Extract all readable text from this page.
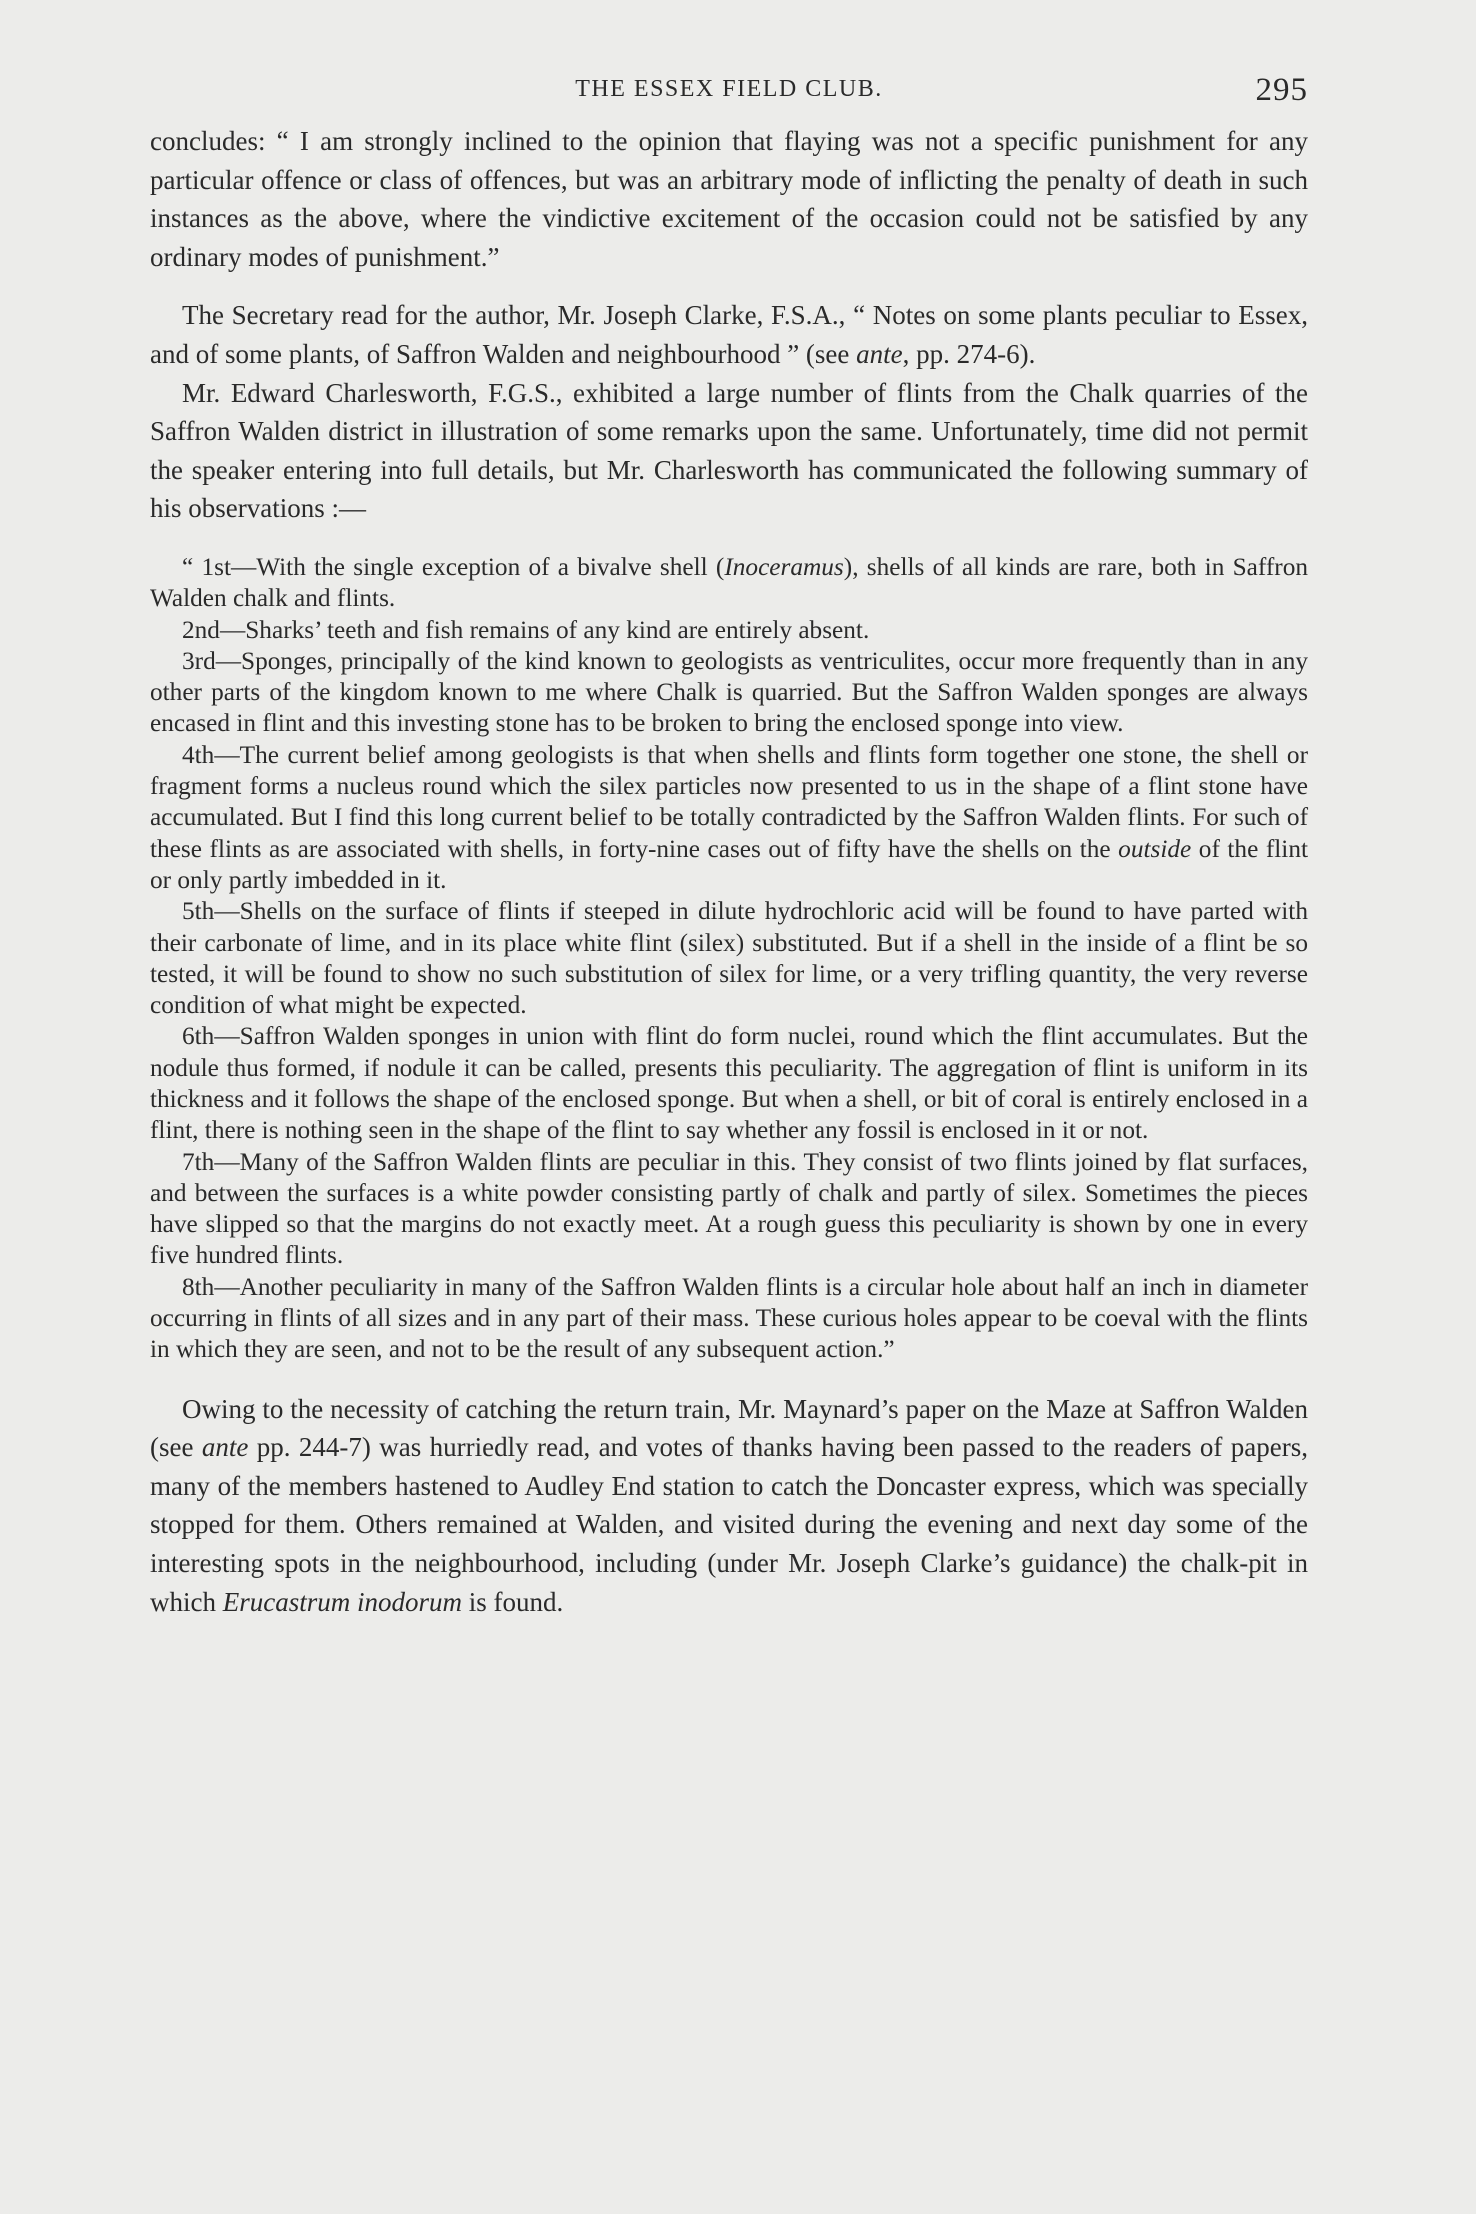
THE ESSEX FIELD CLUB.	295

concludes: “ I am strongly inclined to the opinion that flaying was not a specific punishment for any particular offence or class of offences, but was an arbitrary mode of inflicting the penalty of death in such instances as the above, where the vindictive excitement of the occasion could not be satisfied by any ordinary modes of punishment.”

The Secretary read for the author, Mr. Joseph Clarke, F.S.A., “ Notes on some plants peculiar to Essex, and of some plants, of Saffron Walden and neighbourhood ” (see ante, pp. 274-6).

Mr. Edward Charlesworth, F.G.S., exhibited a large number of flints from the Chalk quarries of the Saffron Walden district in illustration of some remarks upon the same. Unfortunately, time did not permit the speaker entering into full details, but Mr. Charlesworth has communicated the following summary of his observations :—

“ 1st—With the single exception of a bivalve shell (Inoceramus), shells of all kinds are rare, both in Saffron Walden chalk and flints.

2nd—Sharks’ teeth and fish remains of any kind are entirely absent.

3rd—Sponges, principally of the kind known to geologists as ventriculites, occur more frequently than in any other parts of the kingdom known to me where Chalk is quarried. But the Saffron Walden sponges are always encased in flint and this investing stone has to be broken to bring the enclosed sponge into view.

4th—The current belief among geologists is that when shells and flints form together one stone, the shell or fragment forms a nucleus round which the silex particles now presented to us in the shape of a flint stone have accumulated. But I find this long current belief to be totally contradicted by the Saffron Walden flints. For such of these flints as are associated with shells, in forty-nine cases out of fifty have the shells on the outside of the flint or only partly imbedded in it.

5th—Shells on the surface of flints if steeped in dilute hydrochloric acid will be found to have parted with their carbonate of lime, and in its place white flint (silex) substituted. But if a shell in the inside of a flint be so tested, it will be found to show no such substitution of silex for lime, or a very trifling quantity, the very reverse condition of what might be expected.

6th—Saffron Walden sponges in union with flint do form nuclei, round which the flint accumulates. But the nodule thus formed, if nodule it can be called, presents this peculiarity. The aggregation of flint is uniform in its thickness and it follows the shape of the enclosed sponge. But when a shell, or bit of coral is entirely enclosed in a flint, there is nothing seen in the shape of the flint to say whether any fossil is enclosed in it or not.

7th—Many of the Saffron Walden flints are peculiar in this. They consist of two flints joined by flat surfaces, and between the surfaces is a white powder consisting partly of chalk and partly of silex. Sometimes the pieces have slipped so that the margins do not exactly meet. At a rough guess this peculiarity is shown by one in every five hundred flints.

8th—Another peculiarity in many of the Saffron Walden flints is a circular hole about half an inch in diameter occurring in flints of all sizes and in any part of their mass. These curious holes appear to be coeval with the flints in which they are seen, and not to be the result of any subsequent action.”

Owing to the necessity of catching the return train, Mr. Maynard’s paper on the Maze at Saffron Walden (see ante pp. 244-7) was hurriedly read, and votes of thanks having been passed to the readers of papers, many of the members hastened to Audley End station to catch the Doncaster express, which was specially stopped for them. Others remained at Walden, and visited during the evening and next day some of the interesting spots in the neighbourhood, including (under Mr. Joseph Clarke’s guidance) the chalk-pit in which Erucastrum inodorum is found.
